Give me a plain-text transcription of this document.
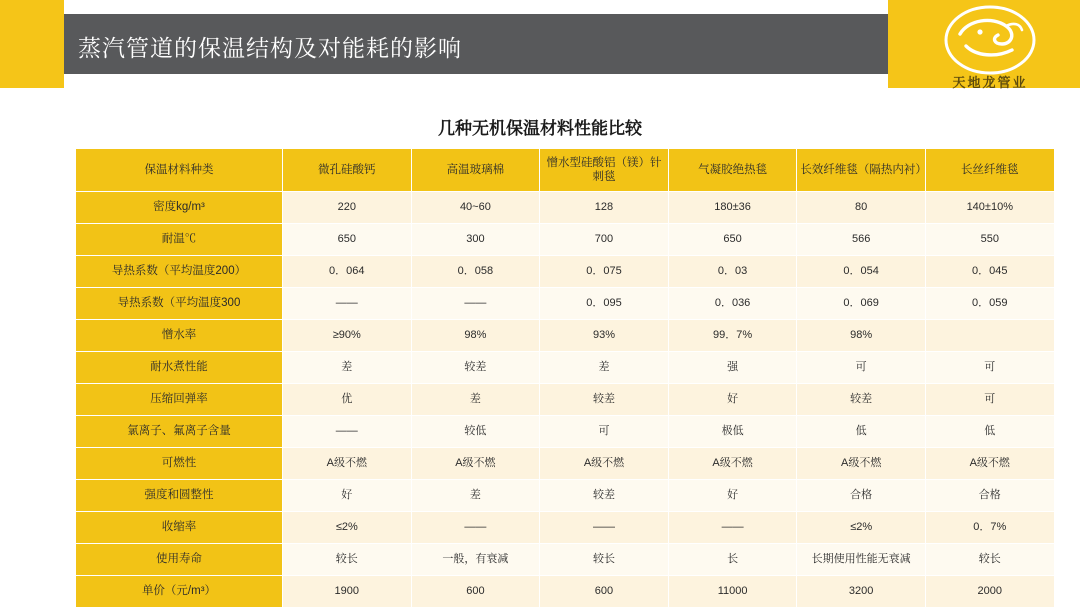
蒸汽管道的保温结构及对能耗的影响
天地龙管业
几种无机保温材料性能比较
保温材料种类	微孔硅酸钙	高温玻璃棉	憎水型硅酸铝（镁）针刺毯	气凝胶绝热毯	长效纤维毯（隔热内衬）	长丝纤维毯
密度kg/m³	220	40~60	128	180±36	80	140±10%
耐温℃	650	300	700	650	566	550
导热系数（平均温度200）	0．064	0．058	0．075	0．03	0．054	0．045
导热系数（平均温度300	——	——	0．095	0．036	0．069	0．059
憎水率	≥90%	98%	93%	99．7%	98%	
耐水煮性能	差	较差	差	强	可	可
压缩回弹率	优	差	较差	好	较差	可
氯离子、氟离子含量	——	较低	可	极低	低	低
可燃性	A级不燃	A级不燃	A级不燃	A级不燃	A级不燃	A级不燃
强度和圆整性	好	差	较差	好	合格	合格
收缩率	≤2%	——	——	——	≤2%	0．7%
使用寿命	较长	一般，有衰减	较长	长	长期使用性能无衰减	较长
单价（元/m³）	1900	600	600	11000	3200	2000
